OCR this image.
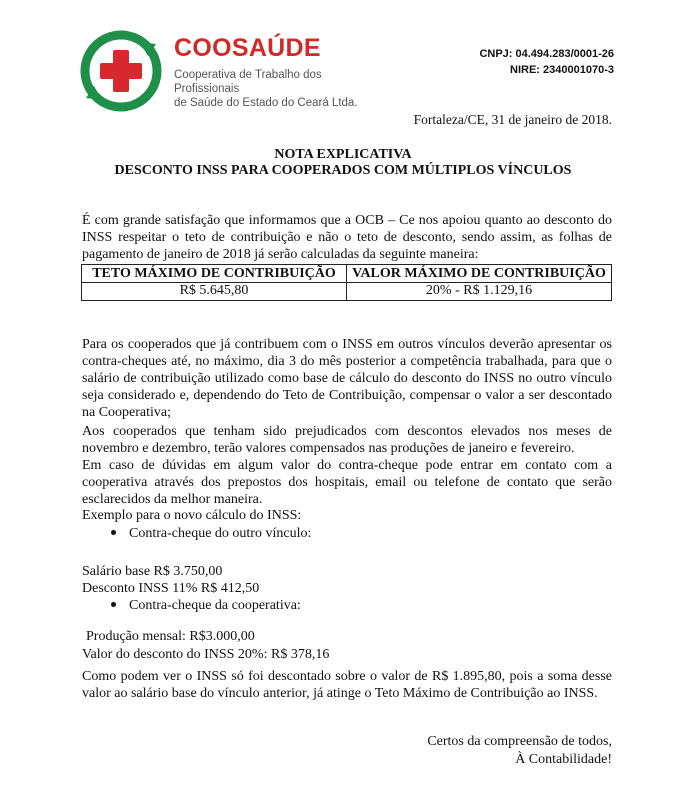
COOSAÚDE
Cooperativa de Trabalho dos Profissionais
de Saúde do Estado do Ceará Ltda.
CNPJ: 04.494.283/0001-26
NIRE: 2340001070-3
Fortaleza/CE, 31 de janeiro de 2018.
NOTA EXPLICATIVA
DESCONTO INSS PARA COOPERADOS COM MÚLTIPLOS VÍNCULOS
É com grande satisfação que informamos que a OCB – Ce nos apoiou quanto ao desconto do INSS respeitar o teto de contribuição e não o teto de desconto, sendo assim, as folhas de pagamento de janeiro de 2018 já serão calculadas da seguinte maneira:
TETO MÁXIMO DE CONTRIBUIÇÃO	VALOR MÁXIMO DE CONTRIBUIÇÃO
R$ 5.645,80	20% - R$ 1.129,16
Para os cooperados que já contribuem com o INSS em outros vínculos deverão apresentar os contra-cheques até, no máximo, dia 3 do mês posterior a competência trabalhada, para que o salário de contribuição utilizado como base de cálculo do desconto do INSS no outro vínculo seja considerado e, dependendo do Teto de Contribuição, compensar o valor a ser descontado na Cooperativa;
Aos cooperados que tenham sido prejudicados com descontos elevados nos meses de novembro e dezembro, terão valores compensados nas produções de janeiro e fevereiro.
Em caso de dúvidas em algum valor do contra-cheque pode entrar em contato com a cooperativa através dos prepostos dos hospitais, email ou telefone de contato que serão esclarecidos da melhor maneira.
Exemplo para o novo cálculo do INSS:
Contra-cheque do outro vínculo:
Salário base R$ 3.750,00
Desconto INSS 11% R$ 412,50
Contra-cheque da cooperativa:
Produção mensal: R$3.000,00
Valor do desconto do INSS 20%: R$ 378,16
Como podem ver o INSS só foi descontado sobre o valor de R$ 1.895,80, pois a soma desse valor ao salário base do vínculo anterior, já atinge o Teto Máximo de Contribuição ao INSS.
Certos da compreensão de todos,
À Contabilidade!
